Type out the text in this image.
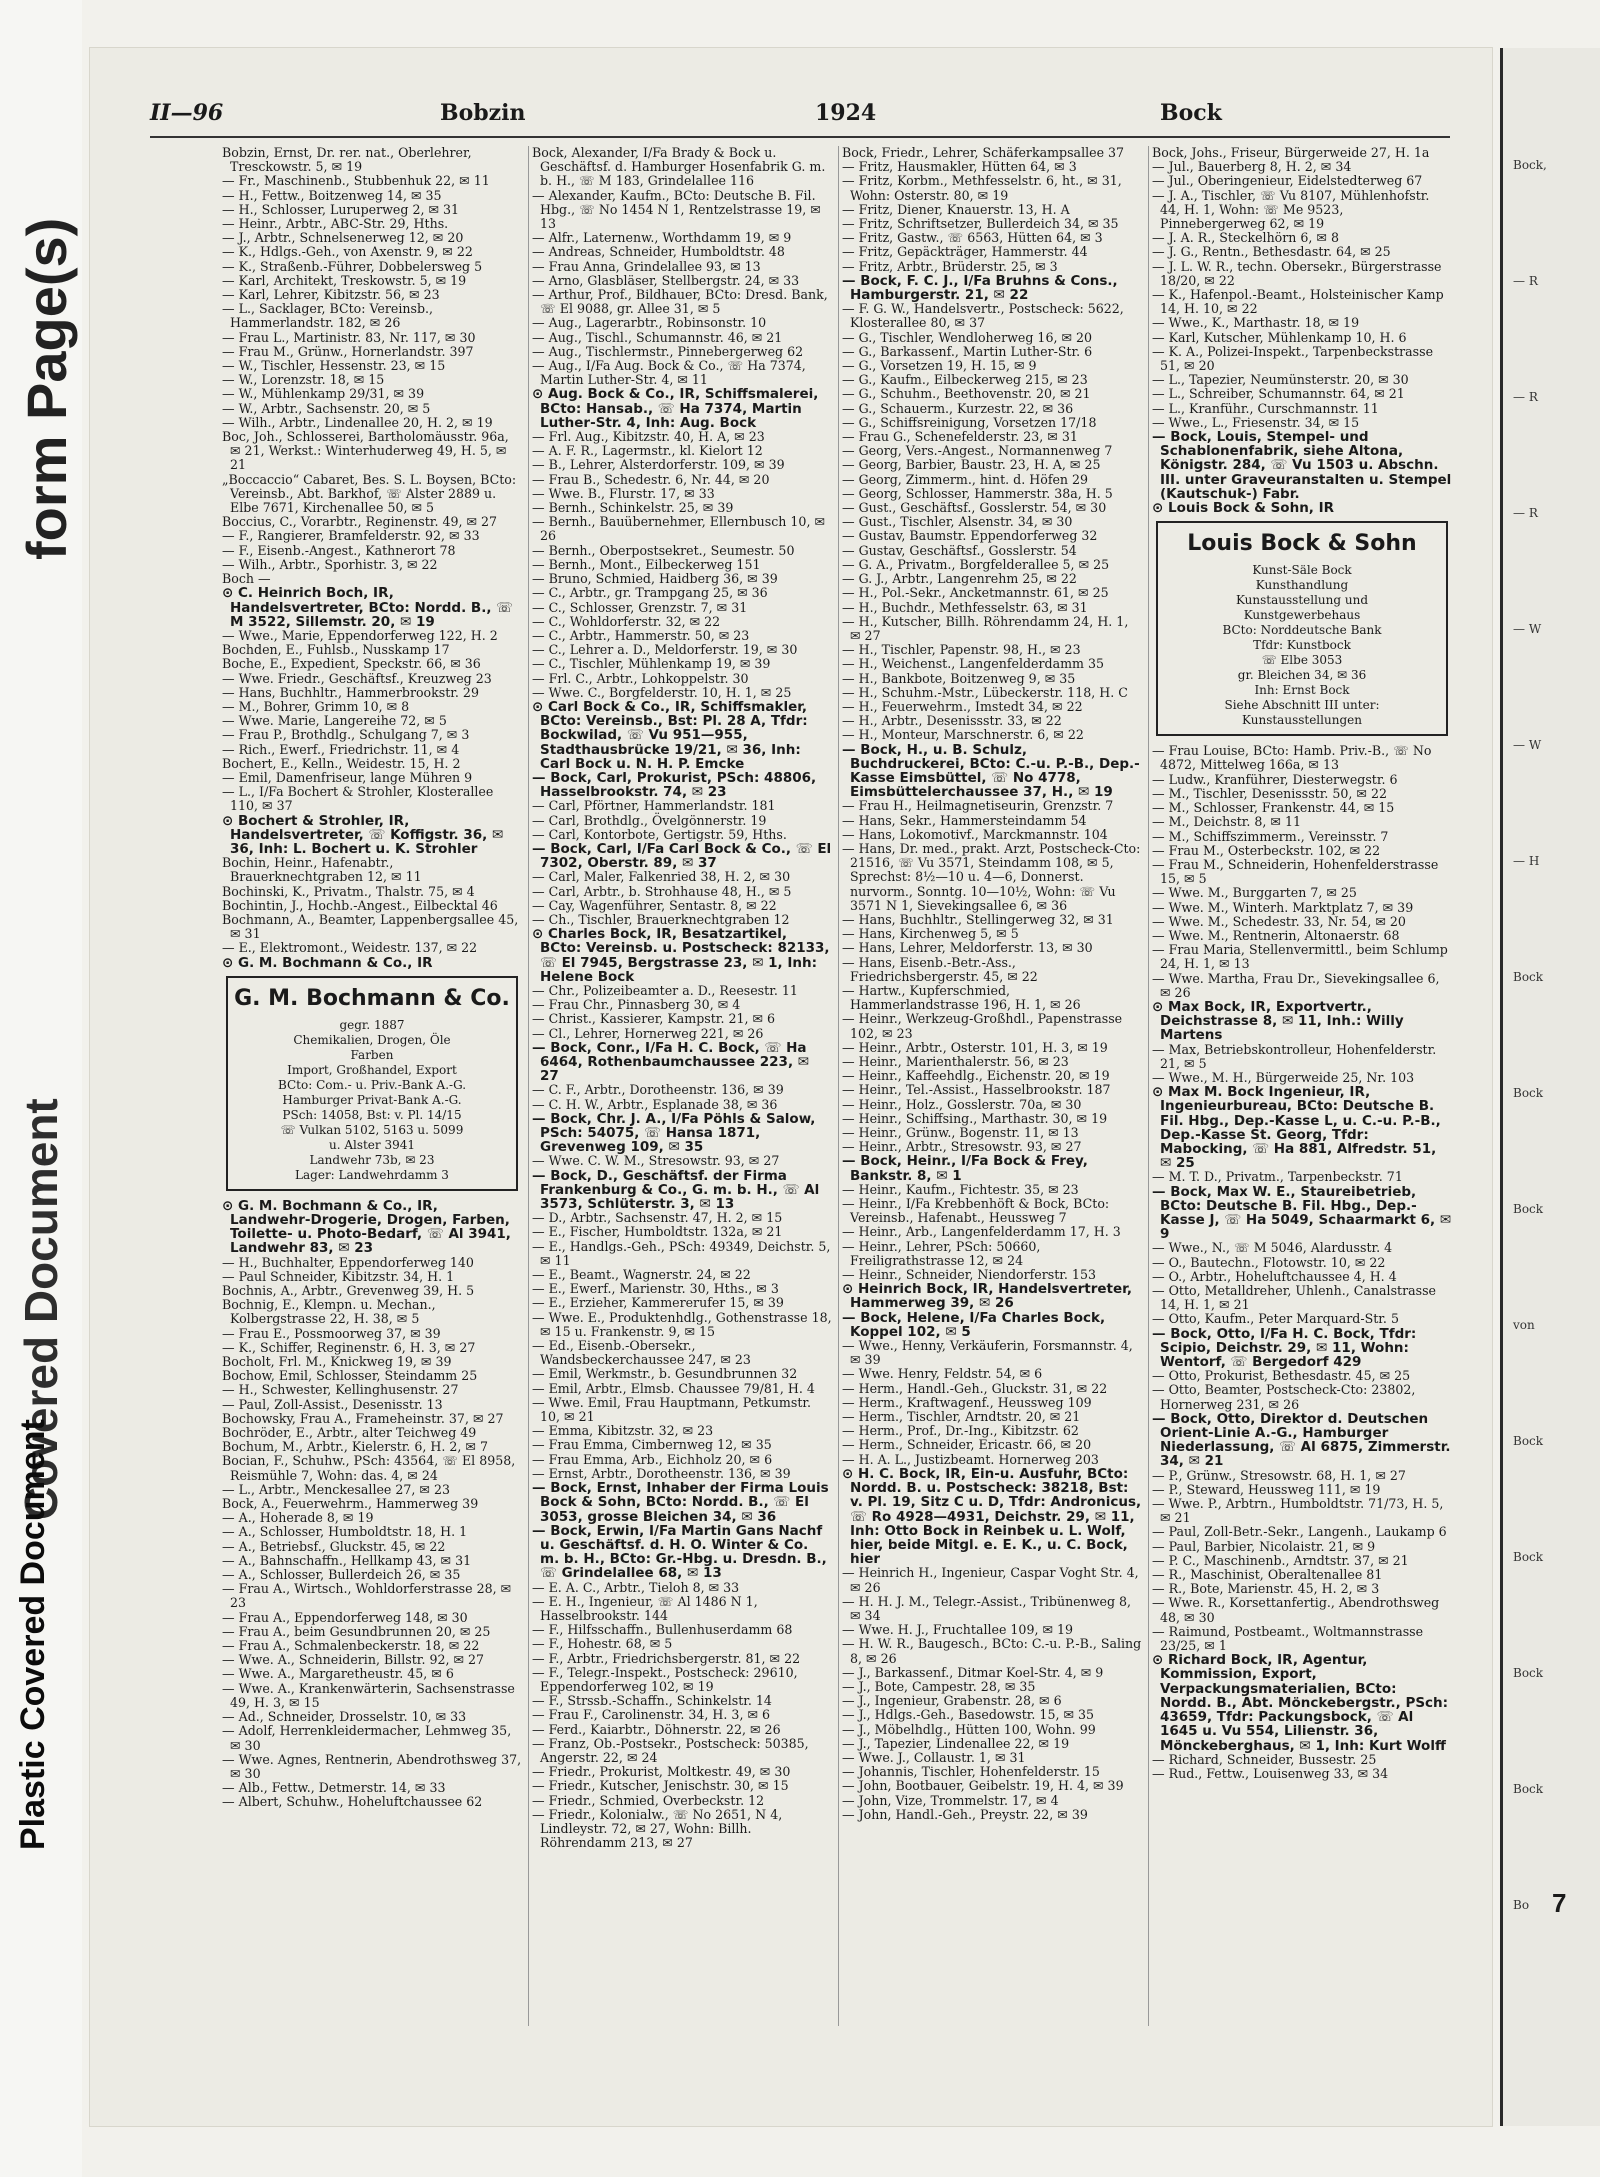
Plastic Covered Document
Covered Document
form Page(s)
Bock,
— R
— R
— R
— W
— W
— H
Bock
Bock
Bock
von
Bock
Bock
Bock
Bock
Bo
II—96	Bobzin	1924	Bock
Bobzin, Ernst, Dr. rer. nat., Oberlehrer, Tresckowstr. 5, ✉ 19
— Fr., Maschinenb., Stubbenhuk 22, ✉ 11
— H., Fettw., Boitzenweg 14, ✉ 35
— H., Schlosser, Luruperweg 2, ✉ 31
— Heinr., Arbtr., ABC-Str. 29, Hths.
— J., Arbtr., Schnelsenerweg 12, ✉ 20
— K., Hdlgs.-Geh., von Axenstr. 9, ✉ 22
— K., Straßenb.-Führer, Dobbelersweg 5
— Karl, Architekt, Treskowstr. 5, ✉ 19
— Karl, Lehrer, Kibitzstr. 56, ✉ 23
— L., Sacklager, BCto: Vereinsb., Hammerlandstr. 182, ✉ 26
— Frau L., Martinistr. 83, Nr. 117, ✉ 30
— Frau M., Grünw., Hornerlandstr. 397
— W., Tischler, Hessenstr. 23, ✉ 15
— W., Lorenzstr. 18, ✉ 15
— W., Mühlenkamp 29/31, ✉ 39
— W., Arbtr., Sachsenstr. 20, ✉ 5
— Wilh., Arbtr., Lindenallee 20, H. 2, ✉ 19
Boc, Joh., Schlosserei, Bartholomäusstr. 96a, ✉ 21, Werkst.: Winterhuderweg 49, H. 5, ✉ 21
„Boccaccio“ Cabaret, Bes. S. L. Boysen, BCto: Vereinsb., Abt. Barkhof, ☏ Alster 2889 u. Elbe 7671, Kirchenallee 50, ✉ 5
Boccius, C., Vorarbtr., Reginenstr. 49, ✉ 27
— F., Rangierer, Bramfelderstr. 92, ✉ 33
— F., Eisenb.-Angest., Kathnerort 78
— Wilh., Arbtr., Sporhistr. 3, ✉ 22
Boch —
⊙ C. Heinrich Boch, IR, Handelsvertreter, BCto: Nordd. B., ☏ M 3522, Sillemstr. 20, ✉ 19
— Wwe., Marie, Eppendorferweg 122, H. 2
Bochden, E., Fuhlsb., Nusskamp 17
Boche, E., Expedient, Speckstr. 66, ✉ 36
— Wwe. Friedr., Geschäftsf., Kreuzweg 23
— Hans, Buchhltr., Hammerbrookstr. 29
— M., Bohrer, Grimm 10, ✉ 8
— Wwe. Marie, Langereihe 72, ✉ 5
— Frau P., Brothdlg., Schulgang 7, ✉ 3
— Rich., Ewerf., Friedrichstr. 11, ✉ 4
Bochert, E., Kelln., Weidestr. 15, H. 2
— Emil, Damenfriseur, lange Mühren 9
— L., I/Fa Bochert & Strohler, Klosterallee 110, ✉ 37
⊙ Bochert & Strohler, IR, Handelsvertreter, ☏ Koffigstr. 36, ✉ 36, Inh: L. Bochert u. K. Strohler
Bochin, Heinr., Hafenabtr., Brauerknechtgraben 12, ✉ 11
Bochinski, K., Privatm., Thalstr. 75, ✉ 4
Bochintin, J., Hochb.-Angest., Eilbecktal 46
Bochmann, A., Beamter, Lappenbergsallee 45, ✉ 31
— E., Elektromont., Weidestr. 137, ✉ 22
⊙ G. M. Bochmann & Co., IR
G. M. Bochmann & Co.
gegr. 1887
Chemikalien, Drogen, Öle
Farben
Import, Großhandel, Export
BCto: Com.- u. Priv.-Bank A.-G.
Hamburger Privat-Bank A.-G.
PSch: 14058, Bst: v. Pl. 14/15
☏ Vulkan 5102, 5163 u. 5099
u. Alster 3941
Landwehr 73b, ✉ 23
Lager: Landwehrdamm 3
⊙ G. M. Bochmann & Co., IR, Landwehr-Drogerie, Drogen, Farben, Toilette- u. Photo-Bedarf, ☏ Al 3941, Landwehr 83, ✉ 23
— H., Buchhalter, Eppendorferweg 140
— Paul Schneider, Kibitzstr. 34, H. 1
Bochnis, A., Arbtr., Grevenweg 39, H. 5
Bochnig, E., Klempn. u. Mechan., Kolbergstrasse 22, H. 38, ✉ 5
— Frau E., Possmoorweg 37, ✉ 39
— K., Schiffer, Reginenstr. 6, H. 3, ✉ 27
Bocholt, Frl. M., Knickweg 19, ✉ 39
Bochow, Emil, Schlosser, Steindamm 25
— H., Schwester, Kellinghusenstr. 27
— Paul, Zoll-Assist., Desenisstr. 13
Bochowsky, Frau A., Frameheinstr. 37, ✉ 27
Bochröder, E., Arbtr., alter Teichweg 49
Bochum, M., Arbtr., Kielerstr. 6, H. 2, ✉ 7
Bocian, F., Schuhw., PSch: 43564, ☏ El 8958, Reismühle 7, Wohn: das. 4, ✉ 24
— L., Arbtr., Menckesallee 27, ✉ 23
Bock, A., Feuerwehrm., Hammerweg 39
— A., Hoherade 8, ✉ 19
— A., Schlosser, Humboldtstr. 18, H. 1
— A., Betriebsf., Gluckstr. 45, ✉ 22
— A., Bahnschaffn., Hellkamp 43, ✉ 31
— A., Schlosser, Bullerdeich 26, ✉ 35
— Frau A., Wirtsch., Wohldorferstrasse 28, ✉ 23
— Frau A., Eppendorferweg 148, ✉ 30
— Frau A., beim Gesundbrunnen 20, ✉ 25
— Frau A., Schmalenbeckerstr. 18, ✉ 22
— Wwe. A., Schneiderin, Billstr. 92, ✉ 27
— Wwe. A., Margaretheustr. 45, ✉ 6
— Wwe. A., Krankenwärterin, Sachsenstrasse 49, H. 3, ✉ 15
— Ad., Schneider, Drosselstr. 10, ✉ 33
— Adolf, Herrenkleidermacher, Lehmweg 35, ✉ 30
— Wwe. Agnes, Rentnerin, Abendrothsweg 37, ✉ 30
— Alb., Fettw., Detmerstr. 14, ✉ 33
— Albert, Schuhw., Hoheluftchaussee 62
Bock, Alexander, I/Fa Brady & Bock u. Geschäftsf. d. Hamburger Hosenfabrik G. m. b. H., ☏ M 183, Grindelallee 116
— Alexander, Kaufm., BCto: Deutsche B. Fil. Hbg., ☏ No 1454 N 1, Rentzelstrasse 19, ✉ 13
— Alfr., Laternenw., Worthdamm 19, ✉ 9
— Andreas, Schneider, Humboldtstr. 48
— Frau Anna, Grindelallee 93, ✉ 13
— Arno, Glasbläser, Stellbergstr. 24, ✉ 33
— Arthur, Prof., Bildhauer, BCto: Dresd. Bank, ☏ El 9088, gr. Allee 31, ✉ 5
— Aug., Lagerarbtr., Robinsonstr. 10
— Aug., Tischl., Schumannstr. 46, ✉ 21
— Aug., Tischlermstr., Pinnebergerweg 62
— Aug., I/Fa Aug. Bock & Co., ☏ Ha 7374, Martin Luther-Str. 4, ✉ 11
⊙ Aug. Bock & Co., IR, Schiffsmalerei, BCto: Hansab., ☏ Ha 7374, Martin Luther-Str. 4, Inh: Aug. Bock
— Frl. Aug., Kibitzstr. 40, H. A, ✉ 23
— A. F. R., Lagermstr., kl. Kielort 12
— B., Lehrer, Alsterdorferstr. 109, ✉ 39
— Frau B., Schedestr. 6, Nr. 44, ✉ 20
— Wwe. B., Flurstr. 17, ✉ 33
— Bernh., Schinkelstr. 25, ✉ 39
— Bernh., Bauübernehmer, Ellernbusch 10, ✉ 26
— Bernh., Oberpostsekret., Seumestr. 50
— Bernh., Mont., Eilbeckerweg 151
— Bruno, Schmied, Haidberg 36, ✉ 39
— C., Arbtr., gr. Trampgang 25, ✉ 36
— C., Schlosser, Grenzstr. 7, ✉ 31
— C., Wohldorferstr. 32, ✉ 22
— C., Arbtr., Hammerstr. 50, ✉ 23
— C., Lehrer a. D., Meldorferstr. 19, ✉ 30
— C., Tischler, Mühlenkamp 19, ✉ 39
— Frl. C., Arbtr., Lohkoppelstr. 30
— Wwe. C., Borgfelderstr. 10, H. 1, ✉ 25
⊙ Carl Bock & Co., IR, Schiffsmakler, BCto: Vereinsb., Bst: Pl. 28 A, Tfdr: Bockwilad, ☏ Vu 951—955, Stadthausbrücke 19/21, ✉ 36, Inh: Carl Bock u. N. H. P. Emcke
— Bock, Carl, Prokurist, PSch: 48806, Hasselbrookstr. 74, ✉ 23
— Carl, Pförtner, Hammerlandstr. 181
— Carl, Brothdlg., Övelgönnerstr. 19
— Carl, Kontorbote, Gertigstr. 59, Hths.
— Bock, Carl, I/Fa Carl Bock & Co., ☏ El 7302, Oberstr. 89, ✉ 37
— Carl, Maler, Falkenried 38, H. 2, ✉ 30
— Carl, Arbtr., b. Strohhause 48, H., ✉ 5
— Cay, Wagenführer, Sentastr. 8, ✉ 22
— Ch., Tischler, Brauerknechtgraben 12
⊙ Charles Bock, IR, Besatzartikel, BCto: Vereinsb. u. Postscheck: 82133, ☏ El 7945, Bergstrasse 23, ✉ 1, Inh: Helene Bock
— Chr., Polizeibeamter a. D., Reesestr. 11
— Frau Chr., Pinnasberg 30, ✉ 4
— Christ., Kassierer, Kampstr. 21, ✉ 6
— Cl., Lehrer, Hornerweg 221, ✉ 26
— Bock, Conr., I/Fa H. C. Bock, ☏ Ha 6464, Rothenbaumchaussee 223, ✉ 27
— C. F., Arbtr., Dorotheenstr. 136, ✉ 39
— C. H. W., Arbtr., Esplanade 38, ✉ 36
— Bock, Chr. J. A., I/Fa Pöhls & Salow, PSch: 54075, ☏ Hansa 1871, Grevenweg 109, ✉ 35
— Wwe. C. W. M., Stresowstr. 93, ✉ 27
— Bock, D., Geschäftsf. der Firma Frankenburg & Co., G. m. b. H., ☏ Al 3573, Schlüterstr. 3, ✉ 13
— D., Arbtr., Sachsenstr. 47, H. 2, ✉ 15
— E., Fischer, Humboldtstr. 132a, ✉ 21
— E., Handlgs.-Geh., PSch: 49349, Deichstr. 5, ✉ 11
— E., Beamt., Wagnerstr. 24, ✉ 22
— E., Ewerf., Marienstr. 30, Hths., ✉ 3
— E., Erzieher, Kammererufer 15, ✉ 39
— Wwe. E., Produktenhdlg., Gothenstrasse 18, ✉ 15 u. Frankenstr. 9, ✉ 15
— Ed., Eisenb.-Obersekr., Wandsbeckerchaussee 247, ✉ 23
— Emil, Werkmstr., b. Gesundbrunnen 32
— Emil, Arbtr., Elmsb. Chaussee 79/81, H. 4
— Wwe. Emil, Frau Hauptmann, Petkumstr. 10, ✉ 21
— Emma, Kibitzstr. 32, ✉ 23
— Frau Emma, Cimbernweg 12, ✉ 35
— Frau Emma, Arb., Eichholz 20, ✉ 6
— Ernst, Arbtr., Dorotheenstr. 136, ✉ 39
— Bock, Ernst, Inhaber der Firma Louis Bock & Sohn, BCto: Nordd. B., ☏ El 3053, grosse Bleichen 34, ✉ 36
— Bock, Erwin, I/Fa Martin Gans Nachf u. Geschäftsf. d. H. O. Winter & Co. m. b. H., BCto: Gr.-Hbg. u. Dresdn. B., ☏ Grindelallee 68, ✉ 13
— E. A. C., Arbtr., Tieloh 8, ✉ 33
— E. H., Ingenieur, ☏ Al 1486 N 1, Hasselbrookstr. 144
— F., Hilfsschaffn., Bullenhuserdamm 68
— F., Hohestr. 68, ✉ 5
— F., Arbtr., Friedrichsbergerstr. 81, ✉ 22
— F., Telegr.-Inspekt., Postscheck: 29610, Eppendorferweg 102, ✉ 19
— F., Strssb.-Schaffn., Schinkelstr. 14
— Frau F., Carolinenstr. 34, H. 3, ✉ 6
— Ferd., Kaiarbtr., Döhnerstr. 22, ✉ 26
— Franz, Ob.-Postsekr., Postscheck: 50385, Angerstr. 22, ✉ 24
— Friedr., Prokurist, Moltkestr. 49, ✉ 30
— Friedr., Kutscher, Jenischstr. 30, ✉ 15
— Friedr., Schmied, Overbeckstr. 12
— Friedr., Kolonialw., ☏ No 2651, N 4, Lindleystr. 72, ✉ 27, Wohn: Billh. Röhrendamm 213, ✉ 27
Bock, Friedr., Lehrer, Schäferkampsallee 37
— Fritz, Hausmakler, Hütten 64, ✉ 3
— Fritz, Korbm., Methfesselstr. 6, ht., ✉ 31, Wohn: Osterstr. 80, ✉ 19
— Fritz, Diener, Knauerstr. 13, H. A
— Fritz, Schriftsetzer, Bullerdeich 34, ✉ 35
— Fritz, Gastw., ☏ 6563, Hütten 64, ✉ 3
— Fritz, Gepäckträger, Hammerstr. 44
— Fritz, Arbtr., Brüderstr. 25, ✉ 3
— Bock, F. C. J., I/Fa Bruhns & Cons., Hamburgerstr. 21, ✉ 22
— F. G. W., Handelsvertr., Postscheck: 5622, Klosterallee 80, ✉ 37
— G., Tischler, Wendloherweg 16, ✉ 20
— G., Barkassenf., Martin Luther-Str. 6
— G., Vorsetzen 19, H. 15, ✉ 9
— G., Kaufm., Eilbeckerweg 215, ✉ 23
— G., Schuhm., Beethovenstr. 20, ✉ 21
— G., Schauerm., Kurzestr. 22, ✉ 36
— G., Schiffsreinigung, Vorsetzen 17/18
— Frau G., Schenefelderstr. 23, ✉ 31
— Georg, Vers.-Angest., Normannenweg 7
— Georg, Barbier, Baustr. 23, H. A, ✉ 25
— Georg, Zimmerm., hint. d. Höfen 29
— Georg, Schlosser, Hammerstr. 38a, H. 5
— Gust., Geschäftsf., Gosslerstr. 54, ✉ 30
— Gust., Tischler, Alsenstr. 34, ✉ 30
— Gustav, Baumstr. Eppendorferweg 32
— Gustav, Geschäftsf., Gosslerstr. 54
— G. A., Privatm., Borgfelderallee 5, ✉ 25
— G. J., Arbtr., Langenrehm 25, ✉ 22
— H., Pol.-Sekr., Ancketmannstr. 61, ✉ 25
— H., Buchdr., Methfesselstr. 63, ✉ 31
— H., Kutscher, Billh. Röhrendamm 24, H. 1, ✉ 27
— H., Tischler, Papenstr. 98, H., ✉ 23
— H., Weichenst., Langenfelderdamm 35
— H., Bankbote, Boitzenweg 9, ✉ 35
— H., Schuhm.-Mstr., Lübeckerstr. 118, H. C
— H., Feuerwehrm., Imstedt 34, ✉ 22
— H., Arbtr., Desenissstr. 33, ✉ 22
— H., Monteur, Marschnerstr. 6, ✉ 22
— Bock, H., u. B. Schulz, Buchdruckerei, BCto: C.-u. P.-B., Dep.-Kasse Eimsbüttel, ☏ No 4778, Eimsbüttelerchaussee 37, H., ✉ 19
— Frau H., Heilmagnetiseurin, Grenzstr. 7
— Hans, Sekr., Hammersteindamm 54
— Hans, Lokomotivf., Marckmannstr. 104
— Hans, Dr. med., prakt. Arzt, Postscheck-Cto: 21516, ☏ Vu 3571, Steindamm 108, ✉ 5, Sprechst: 8½—10 u. 4—6, Donnerst. nurvorm., Sonntg. 10—10½, Wohn: ☏ Vu 3571 N 1, Sievekingsallee 6, ✉ 36
— Hans, Buchhltr., Stellingerweg 32, ✉ 31
— Hans, Kirchenweg 5, ✉ 5
— Hans, Lehrer, Meldorferstr. 13, ✉ 30
— Hans, Eisenb.-Betr.-Ass., Friedrichsbergerstr. 45, ✉ 22
— Hartw., Kupferschmied, Hammerlandstrasse 196, H. 1, ✉ 26
— Heinr., Werkzeug-Großhdl., Papenstrasse 102, ✉ 23
— Heinr., Arbtr., Osterstr. 101, H. 3, ✉ 19
— Heinr., Marienthalerstr. 56, ✉ 23
— Heinr., Kaffeehdlg., Eichenstr. 20, ✉ 19
— Heinr., Tel.-Assist., Hasselbrookstr. 187
— Heinr., Holz., Gosslerstr. 70a, ✉ 30
— Heinr., Schiffsing., Marthastr. 30, ✉ 19
— Heinr., Grünw., Bogenstr. 11, ✉ 13
— Heinr., Arbtr., Stresowstr. 93, ✉ 27
— Bock, Heinr., I/Fa Bock & Frey, Bankstr. 8, ✉ 1
— Heinr., Kaufm., Fichtestr. 35, ✉ 23
— Heinr., I/Fa Krebbenhöft & Bock, BCto: Vereinsb., Hafenabt., Heussweg 7
— Heinr., Arb., Langenfelderdamm 17, H. 3
— Heinr., Lehrer, PSch: 50660, Freiligrathstrasse 12, ✉ 24
— Heinr., Schneider, Niendorferstr. 153
⊙ Heinrich Bock, IR, Handelsvertreter, Hammerweg 39, ✉ 26
— Bock, Helene, I/Fa Charles Bock, Koppel 102, ✉ 5
— Wwe., Henny, Verkäuferin, Forsmannstr. 4, ✉ 39
— Wwe. Henry, Feldstr. 54, ✉ 6
— Herm., Handl.-Geh., Gluckstr. 31, ✉ 22
— Herm., Kraftwagenf., Heussweg 109
— Herm., Tischler, Arndtstr. 20, ✉ 21
— Herm., Prof., Dr.-Ing., Kibitzstr. 62
— Herm., Schneider, Ericastr. 66, ✉ 20
— H. A. L., Justizbeamt. Hornerweg 203
⊙ H. C. Bock, IR, Ein-u. Ausfuhr, BCto: Nordd. B. u. Postscheck: 38218, Bst: v. Pl. 19, Sitz C u. D, Tfdr: Andronicus, ☏ Ro 4928—4931, Deichstr. 29, ✉ 11, Inh: Otto Bock in Reinbek u. L. Wolf, hier, beide Mitgl. e. E. K., u. C. Bock, hier
— Heinrich H., Ingenieur, Caspar Voght Str. 4, ✉ 26
— H. H. J. M., Telegr.-Assist., Tribünenweg 8, ✉ 34
— Wwe. H. J., Fruchtallee 109, ✉ 19
— H. W. R., Baugesch., BCto: C.-u. P.-B., Saling 8, ✉ 26
— J., Barkassenf., Ditmar Koel-Str. 4, ✉ 9
— J., Bote, Campestr. 28, ✉ 35
— J., Ingenieur, Grabenstr. 28, ✉ 6
— J., Hdlgs.-Geh., Basedowstr. 15, ✉ 35
— J., Möbelhdlg., Hütten 100, Wohn. 99
— J., Tapezier, Lindenallee 22, ✉ 19
— Wwe. J., Collaustr. 1, ✉ 31
— Johannis, Tischler, Hohenfelderstr. 15
— John, Bootbauer, Geibelstr. 19, H. 4, ✉ 39
— John, Vize, Trommelstr. 17, ✉ 4
— John, Handl.-Geh., Preystr. 22, ✉ 39
Bock, Johs., Friseur, Bürgerweide 27, H. 1a
— Jul., Bauerberg 8, H. 2, ✉ 34
— Jul., Oberingenieur, Eidelstedterweg 67
— J. A., Tischler, ☏ Vu 8107, Mühlenhofstr. 44, H. 1, Wohn: ☏ Me 9523, Pinnebergerweg 62, ✉ 19
— J. A. R., Steckelhörn 6, ✉ 8
— J. G., Rentn., Bethesdastr. 64, ✉ 25
— J. L. W. R., techn. Obersekr., Bürgerstrasse 18/20, ✉ 22
— K., Hafenpol.-Beamt., Holsteinischer Kamp 14, H. 10, ✉ 22
— Wwe., K., Marthastr. 18, ✉ 19
— Karl, Kutscher, Mühlenkamp 10, H. 6
— K. A., Polizei-Inspekt., Tarpenbeckstrasse 51, ✉ 20
— L., Tapezier, Neumünsterstr. 20, ✉ 30
— L., Schreiber, Schumannstr. 64, ✉ 21
— L., Kranführ., Curschmannstr. 11
— Wwe., L., Friesenstr. 34, ✉ 15
— Bock, Louis, Stempel- und Schablonenfabrik, siehe Altona, Königstr. 284, ☏ Vu 1503 u. Abschn. III. unter Graveuranstalten u. Stempel (Kautschuk-) Fabr.
⊙ Louis Bock & Sohn, IR
Louis Bock & Sohn
Kunst-Säle Bock
Kunsthandlung
Kunstausstellung und
Kunstgewerbehaus
BCto: Norddeutsche Bank
Tfdr: Kunstbock
☏ Elbe 3053
gr. Bleichen 34, ✉ 36
Inh: Ernst Bock
Siehe Abschnitt III unter:
Kunstausstellungen
— Frau Louise, BCto: Hamb. Priv.-B., ☏ No 4872, Mittelweg 166a, ✉ 13
— Ludw., Kranführer, Diesterwegstr. 6
— M., Tischler, Desenissstr. 50, ✉ 22
— M., Schlosser, Frankenstr. 44, ✉ 15
— M., Deichstr. 8, ✉ 11
— M., Schiffszimmerm., Vereinsstr. 7
— Frau M., Osterbeckstr. 102, ✉ 22
— Frau M., Schneiderin, Hohenfelderstrasse 15, ✉ 5
— Wwe. M., Burggarten 7, ✉ 25
— Wwe. M., Winterh. Marktplatz 7, ✉ 39
— Wwe. M., Schedestr. 33, Nr. 54, ✉ 20
— Wwe. M., Rentnerin, Altonaerstr. 68
— Frau Maria, Stellenvermittl., beim Schlump 24, H. 1, ✉ 13
— Wwe. Martha, Frau Dr., Sievekingsallee 6, ✉ 26
⊙ Max Bock, IR, Exportvertr., Deichstrasse 8, ✉ 11, Inh.: Willy Martens
— Max, Betriebskontrolleur, Hohenfelderstr. 21, ✉ 5
— Wwe., M. H., Bürgerweide 25, Nr. 103
⊙ Max M. Bock Ingenieur, IR, Ingenieurbureau, BCto: Deutsche B. Fil. Hbg., Dep.-Kasse L, u. C.-u. P.-B., Dep.-Kasse St. Georg, Tfdr: Mabocking, ☏ Ha 881, Alfredstr. 51, ✉ 25
— M. T. D., Privatm., Tarpenbeckstr. 71
— Bock, Max W. E., Staureibetrieb, BCto: Deutsche B. Fil. Hbg., Dep.-Kasse J, ☏ Ha 5049, Schaarmarkt 6, ✉ 9
— Wwe., N., ☏ M 5046, Alardusstr. 4
— O., Bautechn., Flotowstr. 10, ✉ 22
— O., Arbtr., Hoheluftchaussee 4, H. 4
— Otto, Metalldreher, Uhlenh., Canalstrasse 14, H. 1, ✉ 21
— Otto, Kaufm., Peter Marquard-Str. 5
— Bock, Otto, I/Fa H. C. Bock, Tfdr: Scipio, Deichstr. 29, ✉ 11, Wohn: Wentorf, ☏ Bergedorf 429
— Otto, Prokurist, Bethesdastr. 45, ✉ 25
— Otto, Beamter, Postscheck-Cto: 23802, Hornerweg 231, ✉ 26
— Bock, Otto, Direktor d. Deutschen Orient-Linie A.-G., Hamburger Niederlassung, ☏ Al 6875, Zimmerstr. 34, ✉ 21
— P., Grünw., Stresowstr. 68, H. 1, ✉ 27
— P., Steward, Heussweg 111, ✉ 19
— Wwe. P., Arbtrn., Humboldtstr. 71/73, H. 5, ✉ 21
— Paul, Zoll-Betr.-Sekr., Langenh., Laukamp 6
— Paul, Barbier, Nicolaistr. 21, ✉ 9
— P. C., Maschinenb., Arndtstr. 37, ✉ 21
— R., Maschinist, Oberaltenallee 81
— R., Bote, Marienstr. 45, H. 2, ✉ 3
— Wwe. R., Korsettanfertig., Abendrothsweg 48, ✉ 30
— Raimund, Postbeamt., Woltmannstrasse 23/25, ✉ 1
⊙ Richard Bock, IR, Agentur, Kommission, Export, Verpackungsmaterialien, BCto: Nordd. B., Abt. Mönckebergstr., PSch: 43659, Tfdr: Packungsbock, ☏ Al 1645 u. Vu 554, Lilienstr. 36, Mönckeberghaus, ✉ 1, Inh: Kurt Wolff
— Richard, Schneider, Bussestr. 25
— Rud., Fettw., Louisenweg 33, ✉ 34
7
